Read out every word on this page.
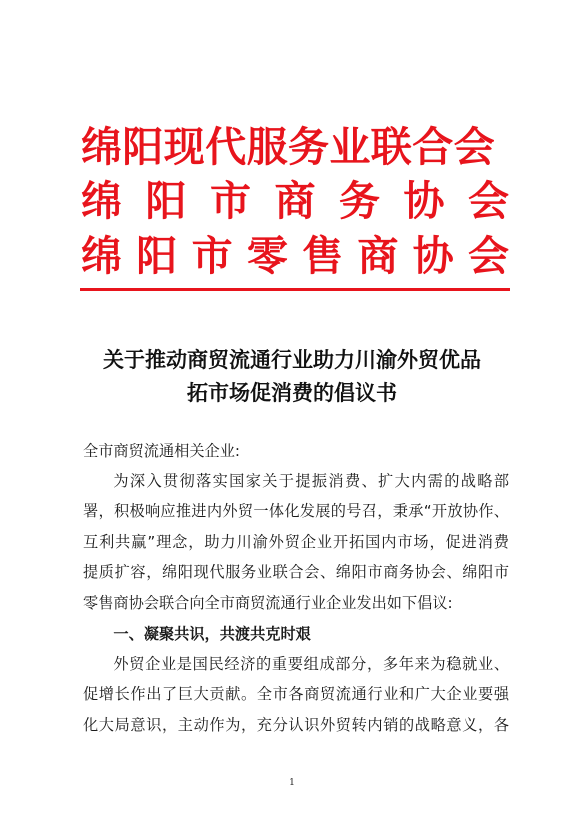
绵阳现代服务业联合会
绵 阳 市 商 务 协 会
绵 阳 市 零 售 商 协 会
关于推动商贸流通行业助力川渝外贸优品
拓市场促消费的倡议书
全市商贸流通相关企业:
为深入贯彻落实国家关于提振消费、扩大内需的战略部
署，积极响应推进内外贸一体化发展的号召，秉承“开放协作、
互利共赢”理念，助力川渝外贸企业开拓国内市场，促进消费
提质扩容，绵阳现代服务业联合会、绵阳市商务协会、绵阳市
零售商协会联合向全市商贸流通行业企业发出如下倡议:
一、凝聚共识，共渡共克时艰
外贸企业是国民经济的重要组成部分，多年来为稳就业、
促增长作出了巨大贡献。全市各商贸流通行业和广大企业要强
化大局意识，主动作为，充分认识外贸转内销的战略意义，各
1
